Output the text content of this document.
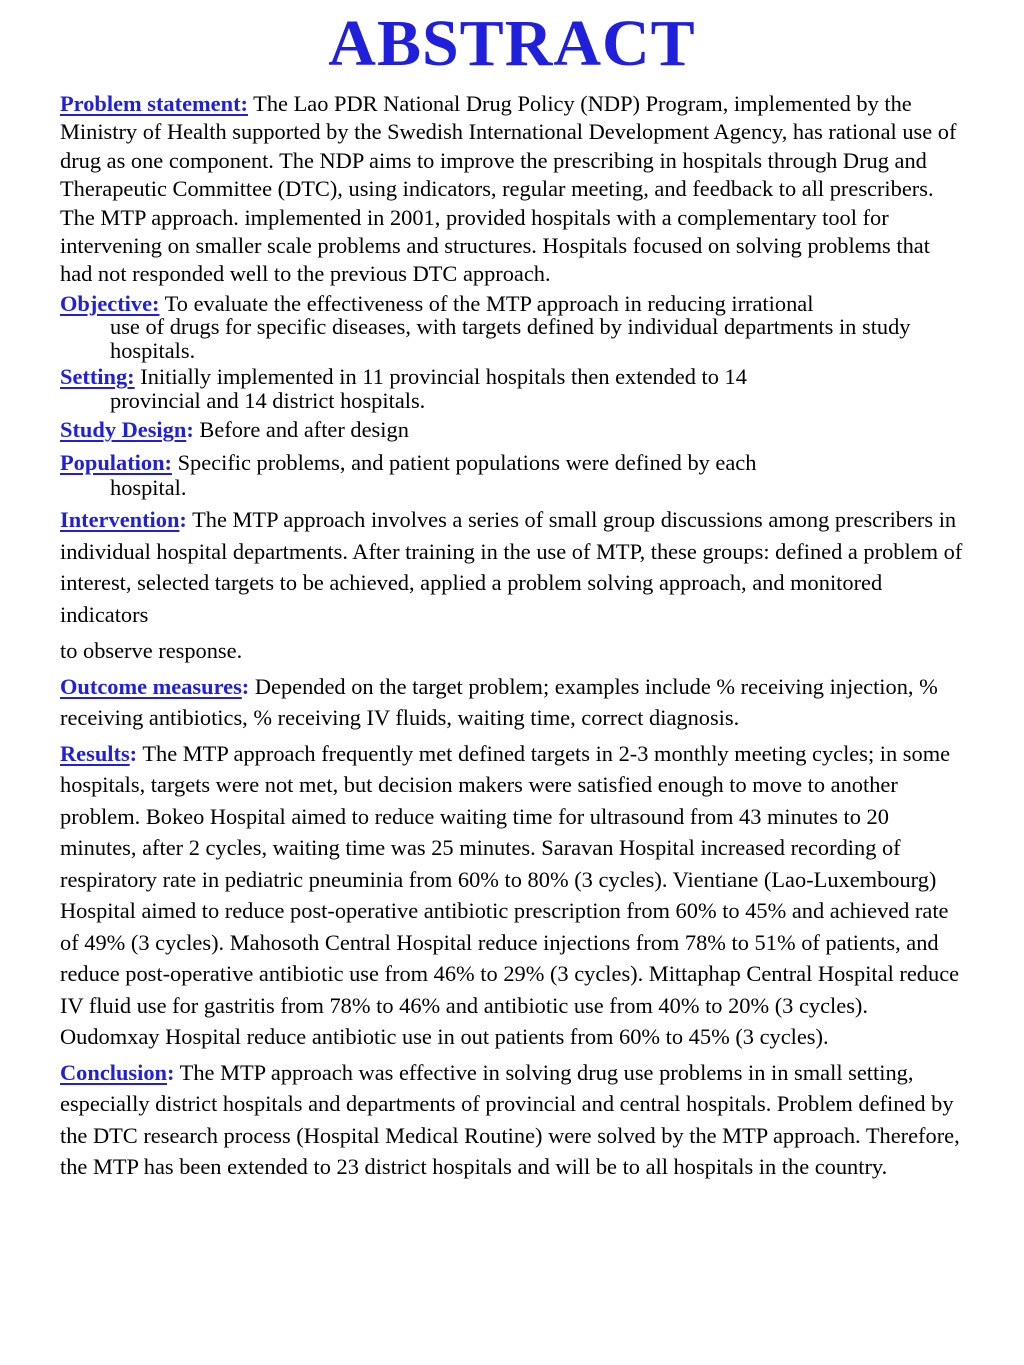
ABSTRACT

Problem statement: The Lao PDR National Drug Policy (NDP) Program, implemented by the Ministry of Health supported by the Swedish International Development Agency, has rational use of drug as one component. The NDP aims to improve the prescribing in hospitals through Drug and Therapeutic Committee (DTC), using indicators, regular meeting, and feedback to all prescribers. The MTP approach. implemented in 2001, provided hospitals with a complementary tool for intervening on smaller scale problems and structures. Hospitals focused on solving problems that had not responded well to the previous DTC approach.

Objective: To evaluate the effectiveness of the MTP approach in reducing irrational
use of drugs for specific diseases, with targets defined by individual departments in study hospitals.

Setting: Initially implemented in 11 provincial hospitals then extended to 14
provincial and 14 district hospitals.

Study Design: Before and after design

Population: Specific problems, and patient populations were defined by each
hospital.

Intervention: The MTP approach involves a series of small group discussions among prescribers in individual hospital departments. After training in the use of MTP, these groups: defined a problem of interest, selected targets to be achieved, applied a problem solving approach, and monitored indicators
to observe response.

Outcome measures: Depended on the target problem; examples include % receiving injection, % receiving antibiotics, % receiving IV fluids, waiting time, correct diagnosis.

Results: The MTP approach frequently met defined targets in 2-3 monthly meeting cycles; in some hospitals, targets were not met, but decision makers were satisfied enough to move to another problem. Bokeo Hospital aimed to reduce waiting time for ultrasound from 43 minutes to 20 minutes, after 2 cycles, waiting time was 25 minutes. Saravan Hospital increased recording of respiratory rate in pediatric pneuminia from 60% to 80% (3 cycles). Vientiane (Lao-Luxembourg) Hospital aimed to reduce post-operative antibiotic prescription from 60% to 45% and achieved rate of 49% (3 cycles). Mahosoth Central Hospital reduce injections from 78% to 51% of patients, and reduce post-operative antibiotic use from 46% to 29% (3 cycles). Mittaphap Central Hospital reduce IV fluid use for gastritis from 78% to 46% and antibiotic use from 40% to 20% (3 cycles). Oudomxay Hospital reduce antibiotic use in out patients from 60% to 45% (3 cycles).

Conclusion: The MTP approach was effective in solving drug use problems in in small setting, especially district hospitals and departments of provincial and central hospitals. Problem defined by the DTC research process (Hospital Medical Routine) were solved by the MTP approach. Therefore, the MTP has been extended to 23 district hospitals and will be to all hospitals in the country.
